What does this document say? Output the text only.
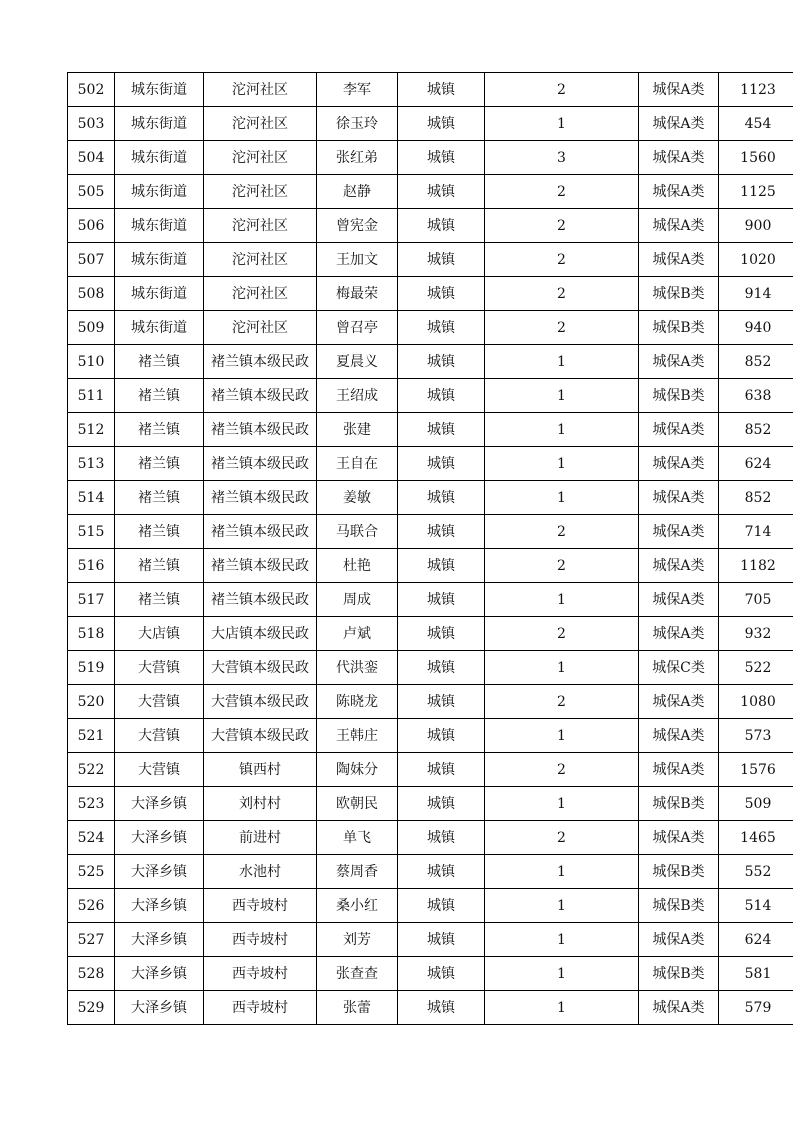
502	城东街道	沱河社区	李军	城镇	2	城保A类	1123
503	城东街道	沱河社区	徐玉玲	城镇	1	城保A类	454
504	城东街道	沱河社区	张红弟	城镇	3	城保A类	1560
505	城东街道	沱河社区	赵静	城镇	2	城保A类	1125
506	城东街道	沱河社区	曾宪金	城镇	2	城保A类	900
507	城东街道	沱河社区	王加文	城镇	2	城保A类	1020
508	城东街道	沱河社区	梅最荣	城镇	2	城保B类	914
509	城东街道	沱河社区	曾召亭	城镇	2	城保B类	940
510	褚兰镇	褚兰镇本级民政	夏晨义	城镇	1	城保A类	852
511	褚兰镇	褚兰镇本级民政	王绍成	城镇	1	城保B类	638
512	褚兰镇	褚兰镇本级民政	张建	城镇	1	城保A类	852
513	褚兰镇	褚兰镇本级民政	王自在	城镇	1	城保A类	624
514	褚兰镇	褚兰镇本级民政	姜敏	城镇	1	城保A类	852
515	褚兰镇	褚兰镇本级民政	马联合	城镇	2	城保A类	714
516	褚兰镇	褚兰镇本级民政	杜艳	城镇	2	城保A类	1182
517	褚兰镇	褚兰镇本级民政	周成	城镇	1	城保A类	705
518	大店镇	大店镇本级民政	卢斌	城镇	2	城保A类	932
519	大营镇	大营镇本级民政	代洪銮	城镇	1	城保C类	522
520	大营镇	大营镇本级民政	陈晓龙	城镇	2	城保A类	1080
521	大营镇	大营镇本级民政	王韩庄	城镇	1	城保A类	573
522	大营镇	镇西村	陶妹分	城镇	2	城保A类	1576
523	大泽乡镇	刘村村	欧朝民	城镇	1	城保B类	509
524	大泽乡镇	前进村	单飞	城镇	2	城保A类	1465
525	大泽乡镇	水池村	蔡周香	城镇	1	城保B类	552
526	大泽乡镇	西寺坡村	桑小红	城镇	1	城保B类	514
527	大泽乡镇	西寺坡村	刘芳	城镇	1	城保A类	624
528	大泽乡镇	西寺坡村	张查查	城镇	1	城保B类	581
529	大泽乡镇	西寺坡村	张蕾	城镇	1	城保A类	579
